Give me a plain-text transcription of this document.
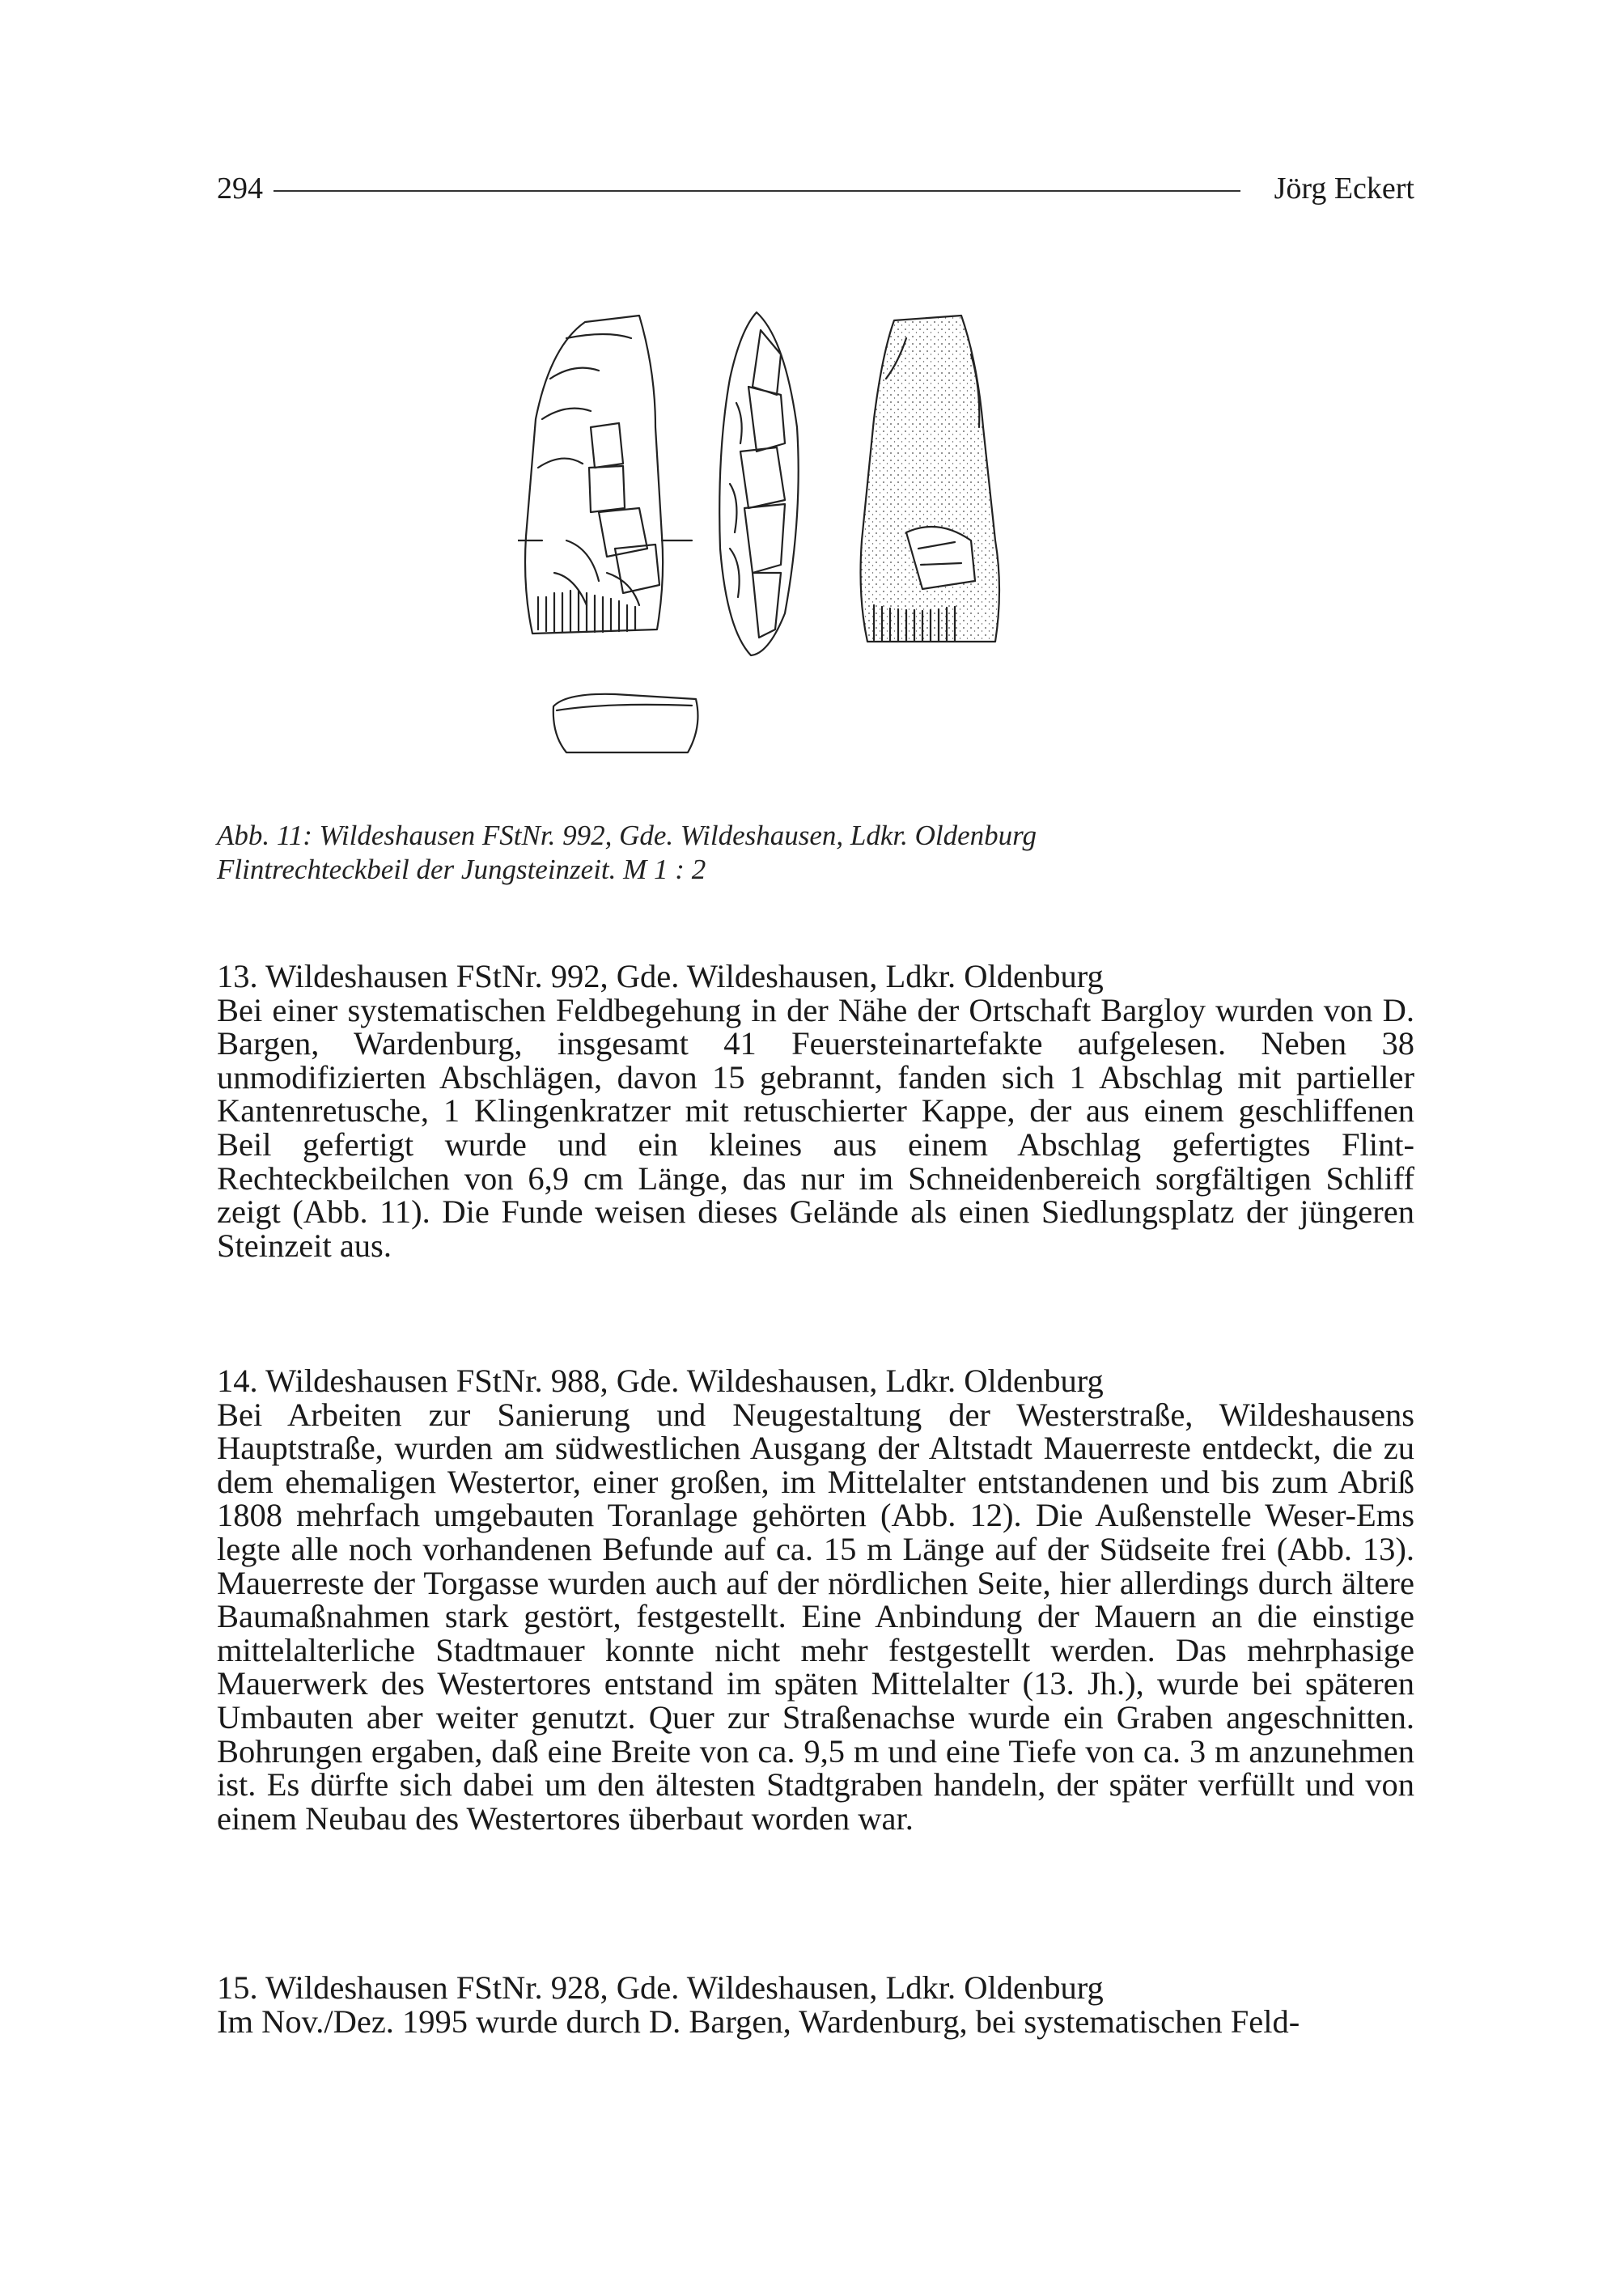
294	Jörg Eckert
Abb. 11: Wildeshausen FStNr. 992, Gde. Wildeshausen, Ldkr. Oldenburg
Flintrechteckbeil der Jungsteinzeit. M 1 : 2
13. Wildeshausen FStNr. 992, Gde. Wildeshausen, Ldkr. Oldenburg

Bei einer systematischen Feldbegehung in der Nähe der Ortschaft Bargloy wurden von D. Bargen, Wardenburg, insgesamt 41 Feuersteinartefakte aufgelesen. Neben 38 unmodifizierten Abschlägen, davon 15 gebrannt, fanden sich 1 Abschlag mit partieller Kantenretusche, 1 Klingenkratzer mit retuschierter Kappe, der aus einem geschliffenen Beil gefertigt wurde und ein kleines aus einem Abschlag gefertigtes Flint-Rechteckbeilchen von 6,9 cm Länge, das nur im Schneidenbereich sorgfältigen Schliff zeigt (Abb. 11). Die Funde weisen dieses Gelände als einen Siedlungsplatz der jüngeren Steinzeit aus.

14. Wildeshausen FStNr. 988, Gde. Wildeshausen, Ldkr. Oldenburg

Bei Arbeiten zur Sanierung und Neugestaltung der Westerstraße, Wildeshausens Hauptstraße, wurden am südwestlichen Ausgang der Altstadt Mauerreste entdeckt, die zu dem ehemaligen Westertor, einer großen, im Mittelalter entstandenen und bis zum Abriß 1808 mehrfach umgebauten Toranlage gehörten (Abb. 12). Die Außenstelle Weser-Ems legte alle noch vorhandenen Befunde auf ca. 15 m Länge auf der Südseite frei (Abb. 13). Mauerreste der Torgasse wurden auch auf der nördlichen Seite, hier allerdings durch ältere Baumaßnahmen stark gestört, festgestellt. Eine Anbindung der Mauern an die einstige mittelalterliche Stadtmauer konnte nicht mehr festgestellt werden. Das mehrphasige Mauerwerk des Westertores entstand im späten Mittelalter (13. Jh.), wurde bei späteren Umbauten aber weiter genutzt. Quer zur Straßenachse wurde ein Graben angeschnitten. Bohrungen ergaben, daß eine Breite von ca. 9,5 m und eine Tiefe von ca. 3 m anzunehmen ist. Es dürfte sich dabei um den ältesten Stadtgraben handeln, der später verfüllt und von einem Neubau des Westertores überbaut worden war.

15. Wildeshausen FStNr. 928, Gde. Wildeshausen, Ldkr. Oldenburg

Im Nov./Dez. 1995 wurde durch D. Bargen, Wardenburg, bei systematischen Feld-
